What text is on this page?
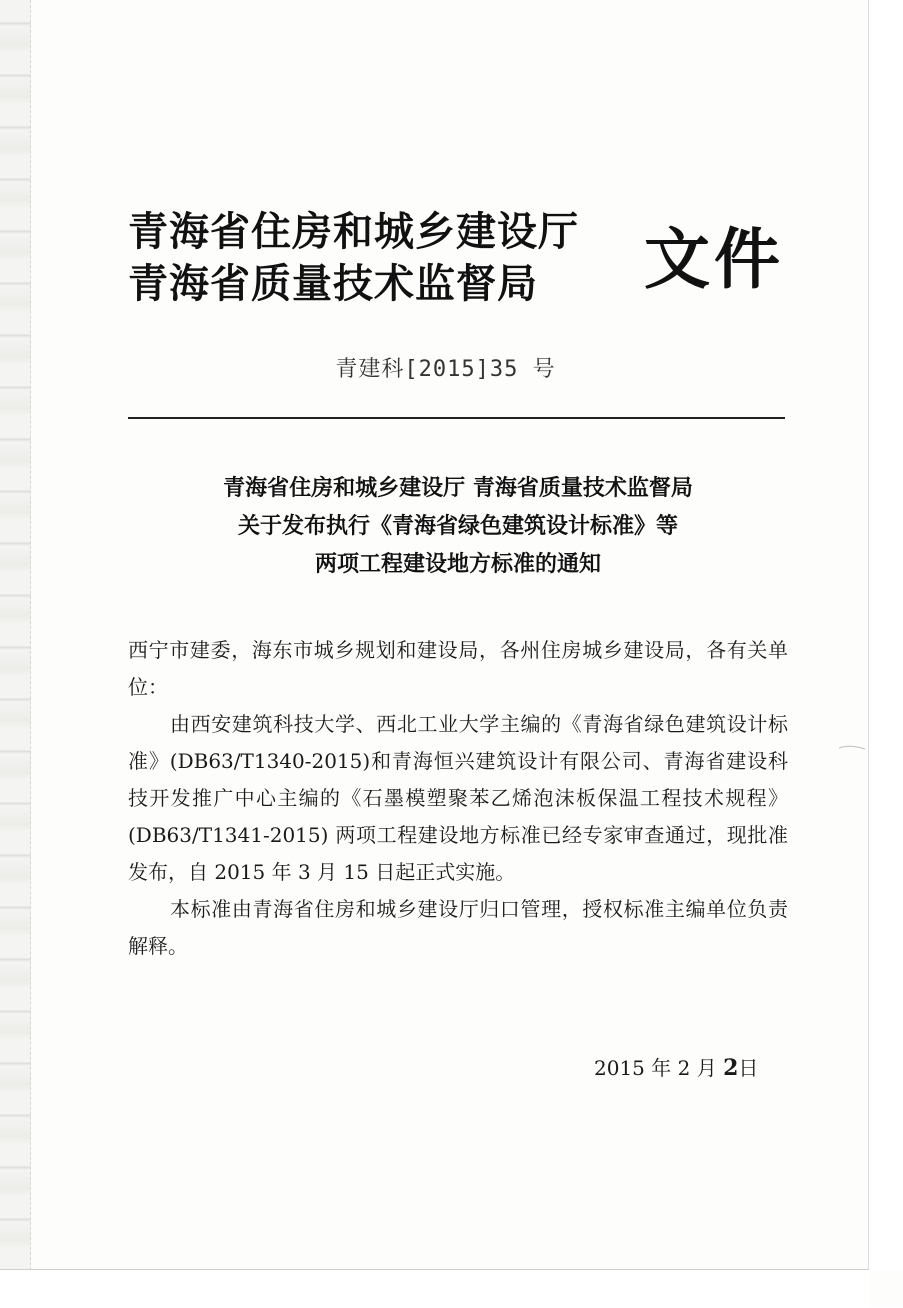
青海省住房和城乡建设厅
青海省质量技术监督局 文件
青建科[2015]35 号
青海省住房和城乡建设厅 青海省质量技术监督局
关于发布执行《青海省绿色建筑设计标准》等
两项工程建设地方标准的通知

西宁市建委，海东市城乡规划和建设局，各州住房城乡建设局，各有关单位：

由西安建筑科技大学、西北工业大学主编的《青海省绿色建筑设计标准》(DB63/T1340-2015)和青海恒兴建筑设计有限公司、青海省建设科技开发推广中心主编的《石墨模塑聚苯乙烯泡沫板保温工程技术规程》(DB63/T1341-2015) 两项工程建设地方标准已经专家审查通过，现批准发布，自 2015 年 3 月 15 日起正式实施。

本标准由青海省住房和城乡建设厅归口管理，授权标准主编单位负责解释。

2015 年 2 月 2日
